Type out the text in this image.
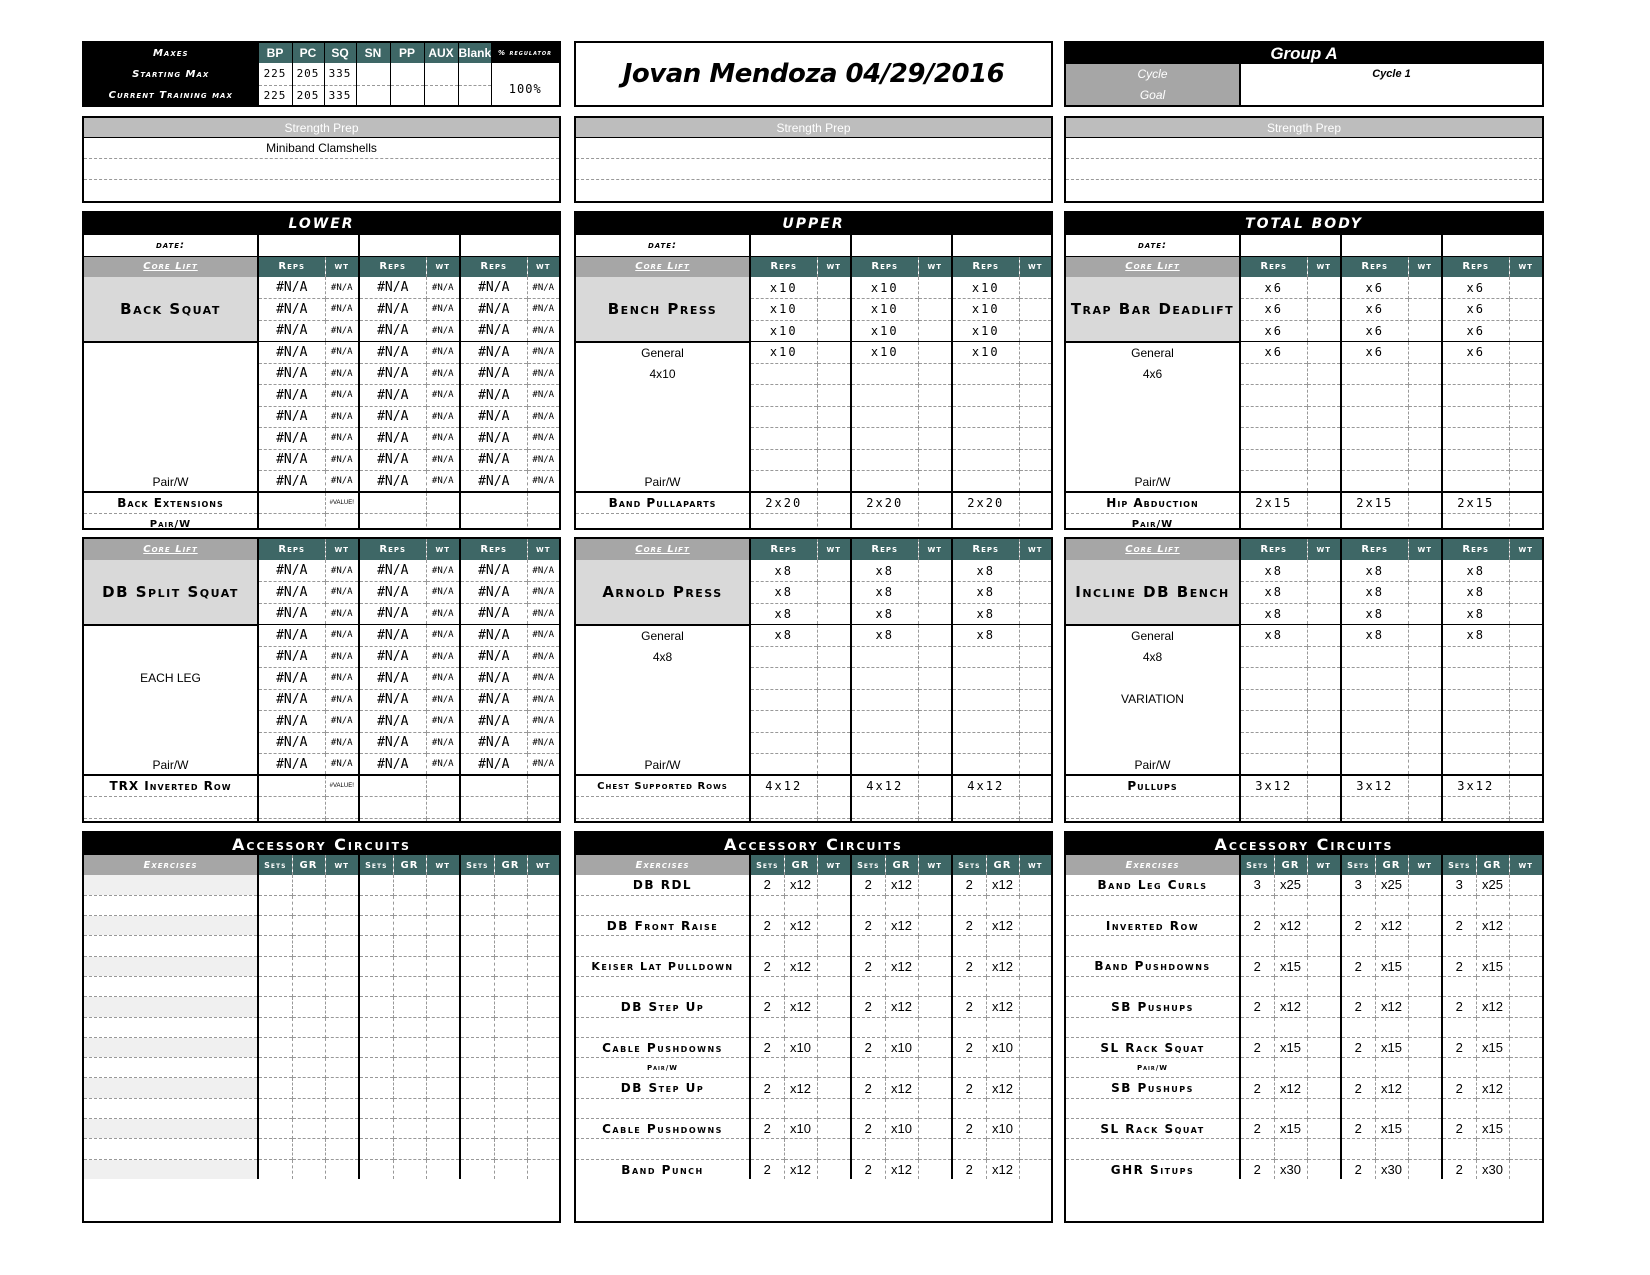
Maxes	BP	PC	SQ	SN	PP	AUX	Blank	% regulator
Starting Max	225	205	335					100%
Current Training max	225	205	335					
Jovan Mendoza 04/29/2016
Group A
Cycle
Goal
Cycle 1

Strength Prep
Miniband Clamshells
Strength Prep	Strength Prep
LOWER						
date:						
Core Lift	Reps	wt	Reps	wt	Reps	wt
Back Squat	#N/A	#N/A	#N/A	#N/A	#N/A	#N/A
	#N/A	#N/A	#N/A	#N/A	#N/A	#N/A
	#N/A	#N/A	#N/A	#N/A	#N/A	#N/A

Pair/W	#N/A	#N/A	#N/A	#N/A	#N/A	#N/A
	#N/A	#N/A	#N/A	#N/A	#N/A	#N/A
	#N/A	#N/A	#N/A	#N/A	#N/A	#N/A
	#N/A	#N/A	#N/A	#N/A	#N/A	#N/A
	#N/A	#N/A	#N/A	#N/A	#N/A	#N/A
	#N/A	#N/A	#N/A	#N/A	#N/A	#N/A
	#N/A	#N/A	#N/A	#N/A	#N/A	#N/A
Back Extensions		#VALUE!				
Pair/W						

Core Lift	Reps	wt	Reps	wt	Reps	wt
DB Split Squat	#N/A	#N/A	#N/A	#N/A	#N/A	#N/A
	#N/A	#N/A	#N/A	#N/A	#N/A	#N/A
	#N/A	#N/A	#N/A	#N/A	#N/A	#N/A

EACH LEG
Pair/W	#N/A	#N/A	#N/A	#N/A	#N/A	#N/A
	#N/A	#N/A	#N/A	#N/A	#N/A	#N/A
	#N/A	#N/A	#N/A	#N/A	#N/A	#N/A
	#N/A	#N/A	#N/A	#N/A	#N/A	#N/A
	#N/A	#N/A	#N/A	#N/A	#N/A	#N/A
	#N/A	#N/A	#N/A	#N/A	#N/A	#N/A
	#N/A	#N/A	#N/A	#N/A	#N/A	#N/A
TRX Inverted Row		#VALUE!				

UPPER						
date:						
Core Lift	Reps	wt	Reps	wt	Reps	wt
Bench Press	x10		x10		x10	
	x10		x10		x10	
	x10		x10		x10	

General
4x10
Pair/W	x10		x10		x10	

Band Pullaparts	2x20		2x20		2x20	

Core Lift	Reps	wt	Reps	wt	Reps	wt
Arnold Press	x8		x8		x8	
	x8		x8		x8	
	x8		x8		x8	

General
4x8
Pair/W	x8		x8		x8	

Chest Supported Rows	4x12		4x12		4x12	

TOTAL BODY						
date:						
Core Lift	Reps	wt	Reps	wt	Reps	wt
Trap Bar Deadlift	x6		x6		x6	
	x6		x6		x6	
	x6		x6		x6	

General
4x6
Pair/W	x6		x6		x6	

Hip Abduction	2x15		2x15		2x15	
Pair/W						

Core Lift	Reps	wt	Reps	wt	Reps	wt
Incline DB Bench	x8		x8		x8	
	x8		x8		x8	
	x8		x8		x8	

General
4x8
VARIATION
Pair/W	x8		x8		x8	

Pullups	3x12		3x12		3x12	

Accessory Circuits									
Exercises	Sets	GR	wt	Sets	GR	wt	Sets	GR	wt

Accessory Circuits									
Exercises	Sets	GR	wt	Sets	GR	wt	Sets	GR	wt
DB RDL	2	x12		2	x12		2	x12	

DB Front Raise	2	x12		2	x12		2	x12	

Keiser Lat Pulldown	2	x12		2	x12		2	x12	

DB Step Up	2	x12		2	x12		2	x12	

Cable Pushdowns	2	x10		2	x10		2	x10	
Pair/W									
DB Step Up	2	x12		2	x12		2	x12	

Cable Pushdowns	2	x10		2	x10		2	x10	

Band Punch	2	x12		2	x12		2	x12	
Accessory Circuits									
Exercises	Sets	GR	wt	Sets	GR	wt	Sets	GR	wt
Band Leg Curls	3	x25		3	x25		3	x25	

Inverted Row	2	x12		2	x12		2	x12	

Band Pushdowns	2	x15		2	x15		2	x15	

SB Pushups	2	x12		2	x12		2	x12	

SL Rack Squat	2	x15		2	x15		2	x15	
Pair/W									
SB Pushups	2	x12		2	x12		2	x12	

SL Rack Squat	2	x15		2	x15		2	x15	

GHR Situps	2	x30		2	x30		2	x30	
